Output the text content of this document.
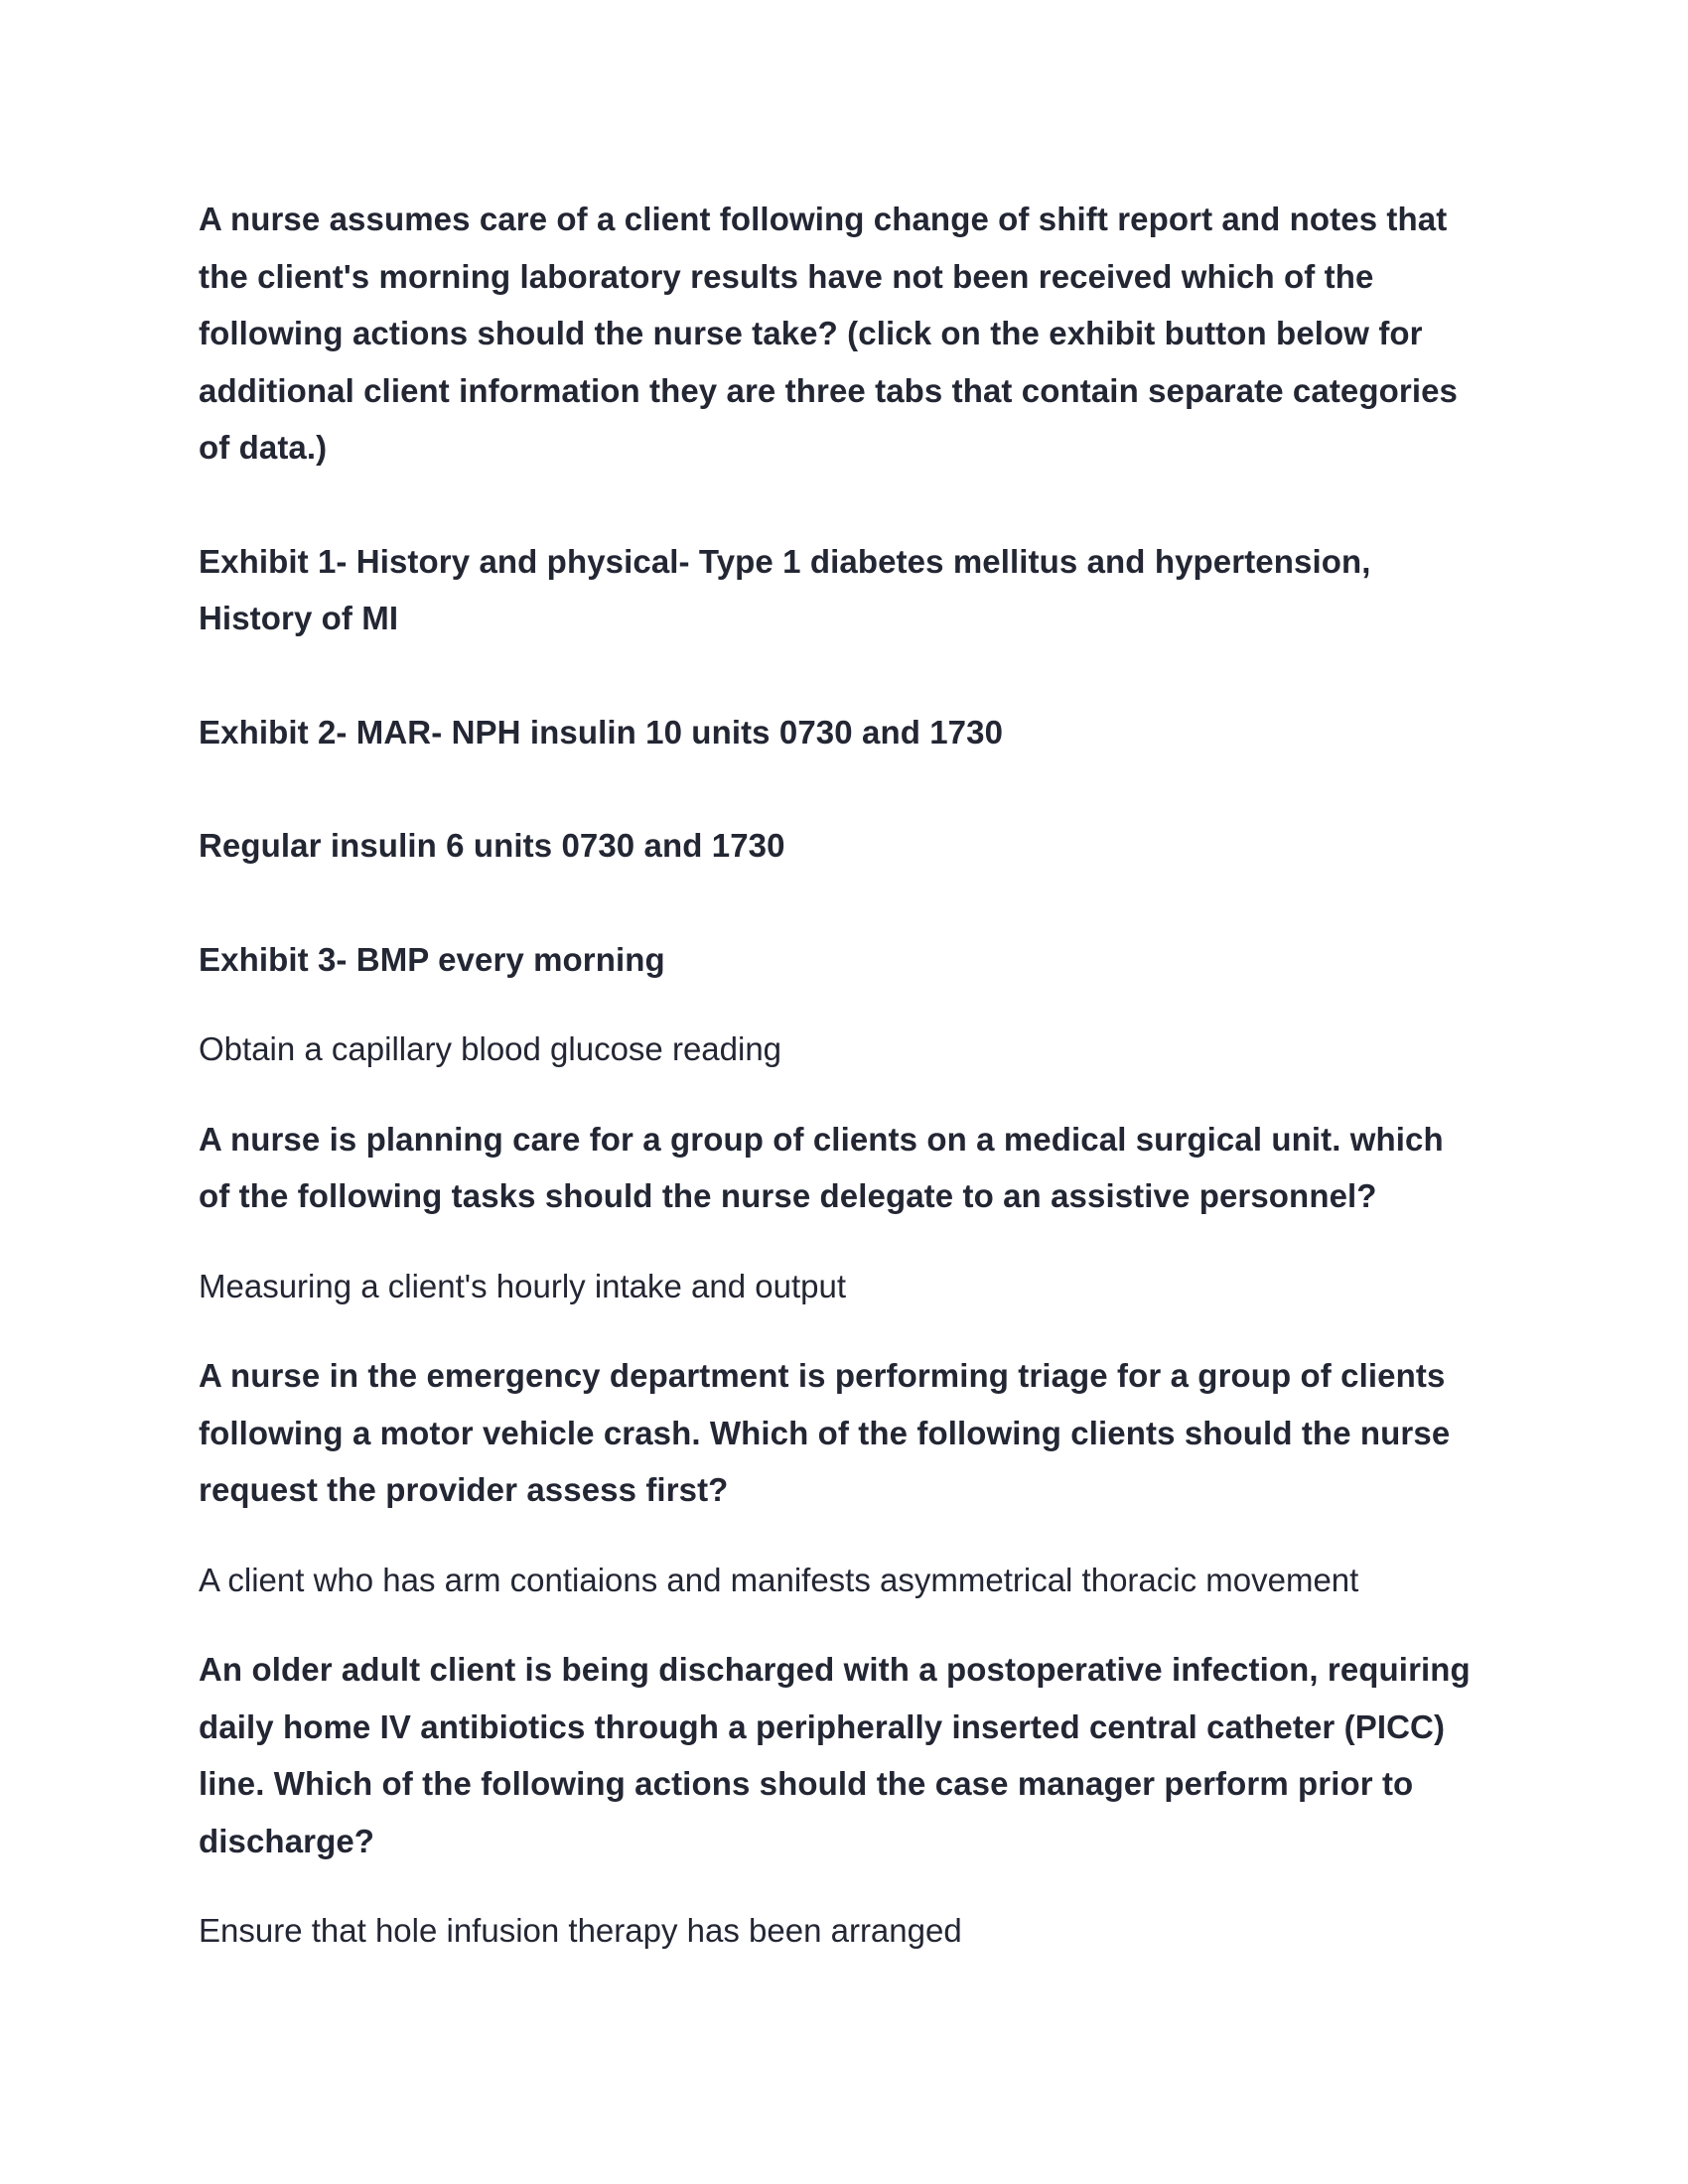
A nurse assumes care of a client following change of shift report and notes that the client's morning laboratory results have not been received which of the following actions should the nurse take? (click on the exhibit button below for additional client information they are three tabs that contain separate categories of data.)

Exhibit 1- History and physical- Type 1 diabetes mellitus and hypertension, History of MI

Exhibit 2- MAR- NPH insulin 10 units 0730 and 1730

Regular insulin 6 units 0730 and 1730

Exhibit 3- BMP every morning

Obtain a capillary blood glucose reading

A nurse is planning care for a group of clients on a medical surgical unit. which of the following tasks should the nurse delegate to an assistive personnel?

Measuring a client's hourly intake and output

A nurse in the emergency department is performing triage for a group of clients following a motor vehicle crash. Which of the following clients should the nurse request the provider assess first?

A client who has arm contiaions and manifests asymmetrical thoracic movement

An older adult client is being discharged with a postoperative infection, requiring daily home IV antibiotics through a peripherally inserted central catheter (PICC) line. Which of the following actions should the case manager perform prior to discharge?

Ensure that hole infusion therapy has been arranged
